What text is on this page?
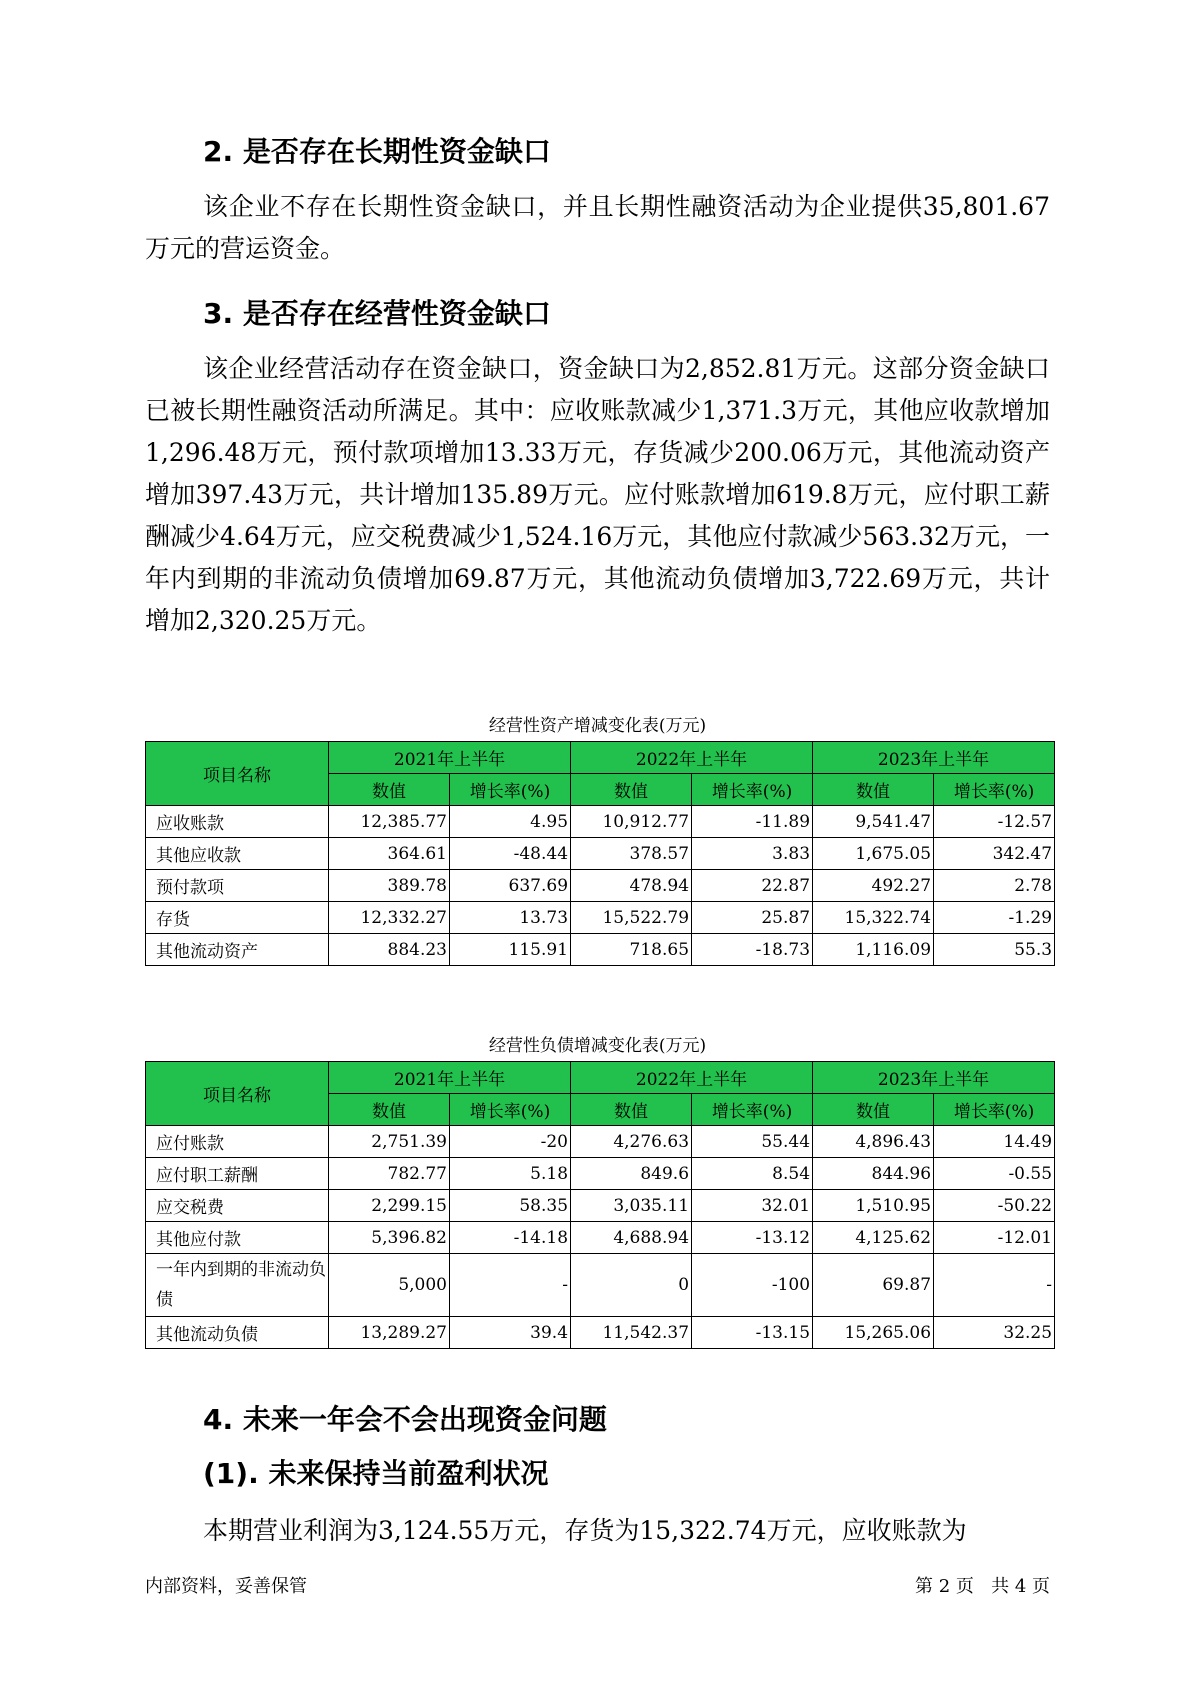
2. 是否存在长期性资金缺口

该企业不存在长期性资金缺口，并且长期性融资活动为企业提供35,801.67万元的营运资金。

3. 是否存在经营性资金缺口

该企业经营活动存在资金缺口，资金缺口为2,852.81万元。这部分资金缺口已被长期性融资活动所满足。其中：应收账款减少1,371.3万元，其他应收款增加1,296.48万元，预付款项增加13.33万元，存货减少200.06万元，其他流动资产增加397.43万元，共计增加135.89万元。应付账款增加619.8万元，应付职工薪酬减少4.64万元，应交税费减少1,524.16万元，其他应付款减少563.32万元，一年内到期的非流动负债增加69.87万元，其他流动负债增加3,722.69万元，共计增加2,320.25万元。

经营性资产增减变化表(万元)
项目名称	2021年上半年		2022年上半年		2023年上半年	
	数值	增长率(%)	数值	增长率(%)	数值	增长率(%)
应收账款	12,385.77	4.95	10,912.77	-11.89	9,541.47	-12.57
其他应收款	364.61	-48.44	378.57	3.83	1,675.05	342.47
预付款项	389.78	637.69	478.94	22.87	492.27	2.78
存货	12,332.27	13.73	15,522.79	25.87	15,322.74	-1.29
其他流动资产	884.23	115.91	718.65	-18.73	1,116.09	55.3
经营性负债增减变化表(万元)
项目名称	2021年上半年		2022年上半年		2023年上半年	
	数值	增长率(%)	数值	增长率(%)	数值	增长率(%)
应付账款	2,751.39	-20	4,276.63	55.44	4,896.43	14.49
应付职工薪酬	782.77	5.18	849.6	8.54	844.96	-0.55
应交税费	2,299.15	58.35	3,035.11	32.01	1,510.95	-50.22
其他应付款	5,396.82	-14.18	4,688.94	-13.12	4,125.62	-12.01
一年内到期的非流动负债	5,000	-	0	-100	69.87	-
其他流动负债	13,289.27	39.4	11,542.37	-13.15	15,265.06	32.25
4. 未来一年会不会出现资金问题
(1). 未来保持当前盈利状况

本期营业利润为3,124.55万元，存货为15,322.74万元，应收账款为

内部资料，妥善保管	第 2 页   共 4 页
